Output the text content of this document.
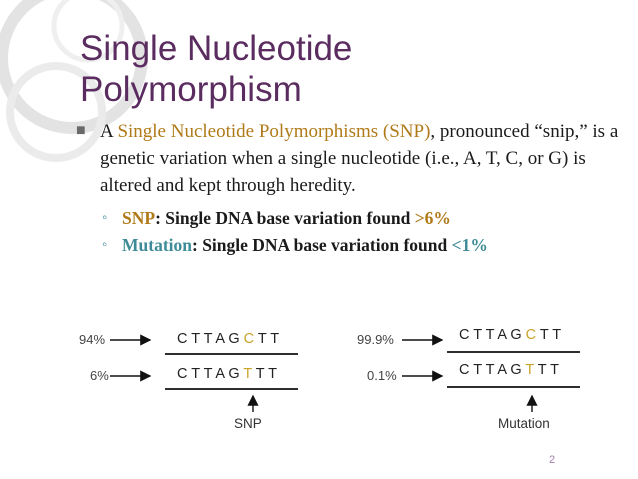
Single Nucleotide
Polymorphism
■ A Single Nucleotide Polymorphisms (SNP), pronounced “snip,” is a genetic variation when a single nucleotide (i.e., A, T, C, or G) is altered and kept through heredity.
◦ SNP: Single DNA base variation found >6%
◦ Mutation: Single DNA base variation found <1%
94%	C T T A G C T T
6%	C T T A G T T T
SNP
99.9%	C T T A G C T T
0.1%	C T T A G T T T
Mutation
2
